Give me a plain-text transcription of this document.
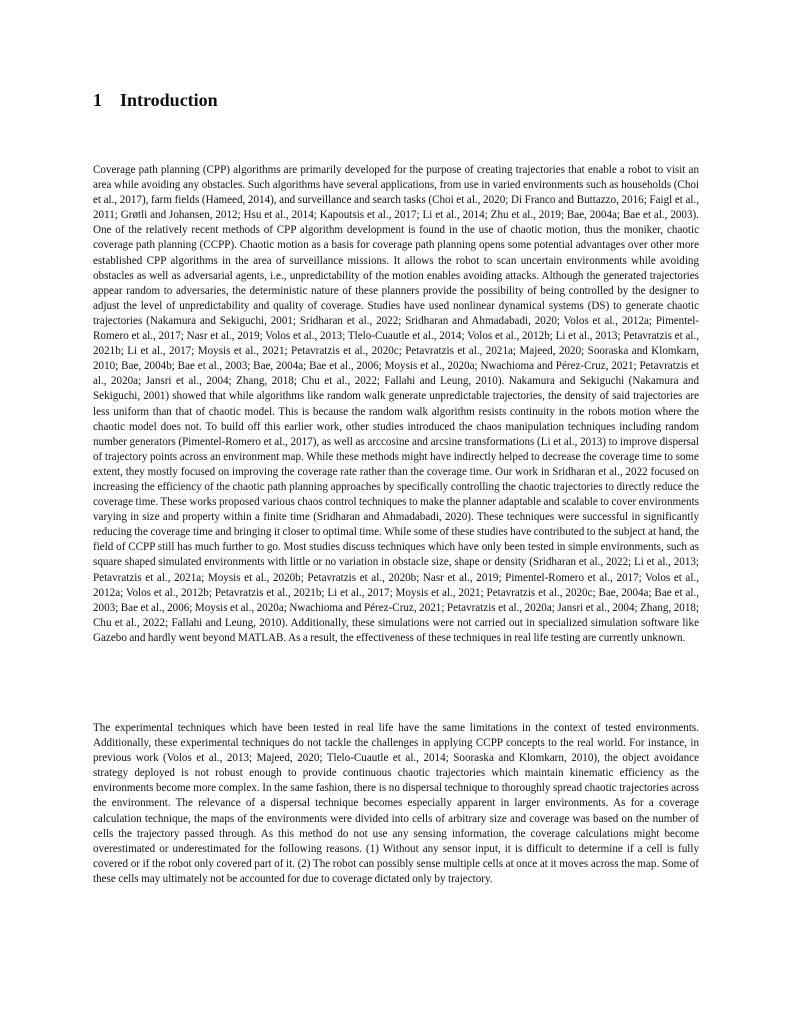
1 Introduction

Coverage path planning (CPP) algorithms are primarily developed for the purpose of creating trajectories that enable a robot to visit an area while avoiding any obstacles. Such algorithms have several applications, from use in varied environments such as households (Choi et al., 2017), farm fields (Hameed, 2014), and surveillance and search tasks (Choi et al., 2020; Di Franco and Buttazzo, 2016; Faigl et al., 2011; Grøtli and Johansen, 2012; Hsu et al., 2014; Kapoutsis et al., 2017; Li et al., 2014; Zhu et al., 2019; Bae, 2004a; Bae et al., 2003). One of the relatively recent methods of CPP algorithm development is found in the use of chaotic motion, thus the moniker, chaotic coverage path planning (CCPP). Chaotic motion as a basis for coverage path planning opens some potential advantages over other more established CPP algorithms in the area of surveillance missions. It allows the robot to scan uncertain environments while avoiding obstacles as well as adversarial agents, i.e., unpredictability of the motion enables avoiding attacks. Although the generated trajectories appear random to adversaries, the deterministic nature of these planners provide the possibility of being controlled by the designer to adjust the level of unpredictability and quality of coverage. Studies have used nonlinear dynamical systems (DS) to generate chaotic trajectories (Nakamura and Sekiguchi, 2001; Sridharan et al., 2022; Sridharan and Ahmadabadi, 2020; Volos et al., 2012a; Pimentel-Romero et al., 2017; Nasr et al., 2019; Volos et al., 2013; Tlelo-Cuautle et al., 2014; Volos et al., 2012b; Li et al., 2013; Petavratzis et al., 2021b; Li et al., 2017; Moysis et al., 2021; Petavratzis et al., 2020c; Petavratzis et al., 2021a; Majeed, 2020; Sooraska and Klomkarn, 2010; Bae, 2004b; Bae et al., 2003; Bae, 2004a; Bae et al., 2006; Moysis et al., 2020a; Nwachioma and Pérez-Cruz, 2021; Petavratzis et al., 2020a; Jansri et al., 2004; Zhang, 2018; Chu et al., 2022; Fallahi and Leung, 2010). Nakamura and Sekiguchi (Nakamura and Sekiguchi, 2001) showed that while algorithms like random walk generate unpredictable trajectories, the density of said trajectories are less uniform than that of chaotic model. This is because the random walk algorithm resists continuity in the robots motion where the chaotic model does not. To build off this earlier work, other studies introduced the chaos manipulation techniques including random number generators (Pimentel-Romero et al., 2017), as well as arccosine and arcsine transformations (Li et al., 2013) to improve dispersal of trajectory points across an environment map. While these methods might have indirectly helped to decrease the coverage time to some extent, they mostly focused on improving the coverage rate rather than the coverage time. Our work in Sridharan et al., 2022 focused on increasing the efficiency of the chaotic path planning approaches by specifically controlling the chaotic trajectories to directly reduce the coverage time. These works proposed various chaos control techniques to make the planner adaptable and scalable to cover environments varying in size and property within a finite time (Sridharan and Ahmadabadi, 2020). These techniques were successful in significantly reducing the coverage time and bringing it closer to optimal time. While some of these studies have contributed to the subject at hand, the field of CCPP still has much further to go. Most studies discuss techniques which have only been tested in simple environments, such as square shaped simulated environments with little or no variation in obstacle size, shape or density (Sridharan et al., 2022; Li et al., 2013; Petavratzis et al., 2021a; Moysis et al., 2020b; Petavratzis et al., 2020b; Nasr et al., 2019; Pimentel-Romero et al., 2017; Volos et al., 2012a; Volos et al., 2012b; Petavratzis et al., 2021b; Li et al., 2017; Moysis et al., 2021; Petavratzis et al., 2020c; Bae, 2004a; Bae et al., 2003; Bae et al., 2006; Moysis et al., 2020a; Nwachioma and Pérez-Cruz, 2021; Petavratzis et al., 2020a; Jansri et al., 2004; Zhang, 2018; Chu et al., 2022; Fallahi and Leung, 2010). Additionally, these simulations were not carried out in specialized simulation software like Gazebo and hardly went beyond MATLAB. As a result, the effectiveness of these techniques in real life testing are currently unknown.

The experimental techniques which have been tested in real life have the same limitations in the context of tested environments. Additionally, these experimental techniques do not tackle the challenges in applying CCPP concepts to the real world. For instance, in previous work (Volos et al., 2013; Majeed, 2020; Tlelo-Cuautle et al., 2014; Sooraska and Klomkarn, 2010), the object avoidance strategy deployed is not robust enough to provide continuous chaotic trajectories which maintain kinematic efficiency as the environments become more complex. In the same fashion, there is no dispersal technique to thoroughly spread chaotic trajectories across the environment. The relevance of a dispersal technique becomes especially apparent in larger environments. As for a coverage calculation technique, the maps of the environments were divided into cells of arbitrary size and coverage was based on the number of cells the trajectory passed through. As this method do not use any sensing information, the coverage calculations might become overestimated or underestimated for the following reasons. (1) Without any sensor input, it is difficult to determine if a cell is fully covered or if the robot only covered part of it. (2) The robot can possibly sense multiple cells at once at it moves across the map. Some of these cells may ultimately not be accounted for due to coverage dictated only by trajectory.
